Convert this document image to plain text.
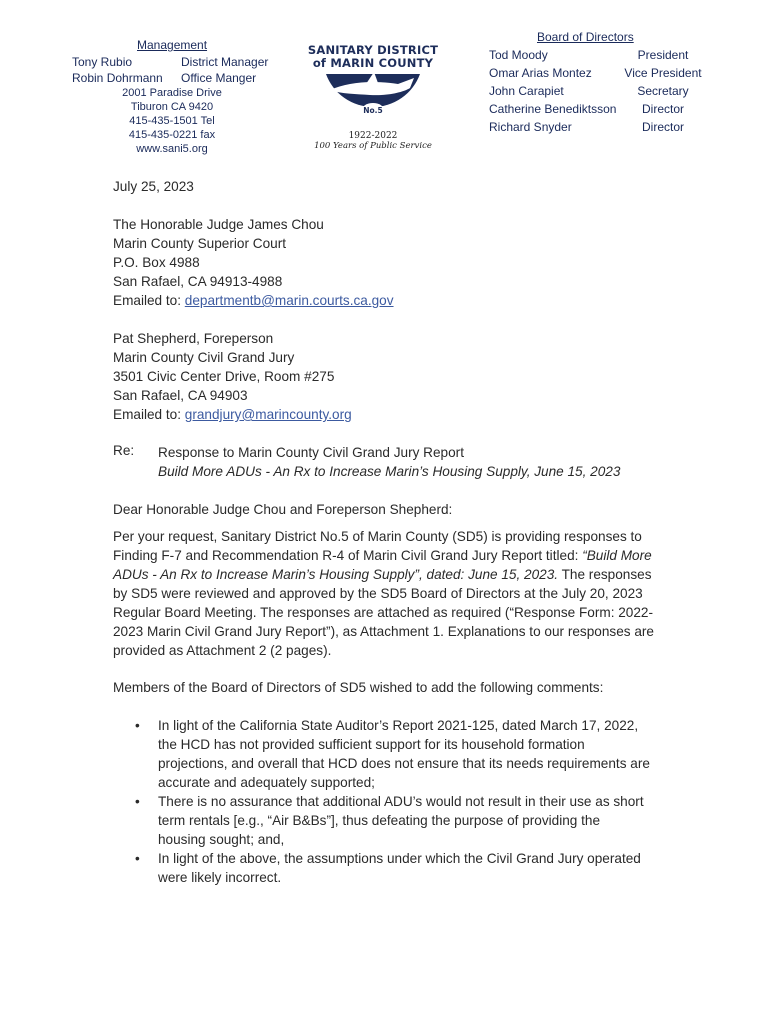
Management
Tony Rubio	District Manager
Robin Dohrmann Office Manger
2001 Paradise Drive
Tiburon CA 9420
415-435-1501 Tel
415-435-0221 fax
www.sani5.org
SANITARY DISTRICT
of MARIN COUNTY
No.5
1922-2022
100 Years of Public Service
Board of Directors
Tod Moody	President
Omar Arias Montez	Vice President
John Carapiet	Secretary
Catherine Benediktsson	Director
Richard Snyder	Director
July 25, 2023
The Honorable Judge James Chou
Marin County Superior Court
P.O. Box 4988
San Rafael, CA 94913-4988
Emailed to: departmentb@marin.courts.ca.gov
Pat Shepherd, Foreperson
Marin County Civil Grand Jury
3501 Civic Center Drive, Room #275
San Rafael, CA 94903
Emailed to: grandjury@marincounty.org
Re: Response to Marin County Civil Grand Jury Report
Build More ADUs - An Rx to Increase Marin’s Housing Supply, June 15, 2023
Dear Honorable Judge Chou and Foreperson Shepherd:
Per your request, Sanitary District No.5 of Marin County (SD5) is providing responses to
Finding F-7 and Recommendation R-4 of Marin Civil Grand Jury Report titled: “Build More
ADUs - An Rx to Increase Marin’s Housing Supply”, dated: June 15, 2023. The responses
by SD5 were reviewed and approved by the SD5 Board of Directors at the July 20, 2023
Regular Board Meeting. The responses are attached as required (“Response Form: 2022-
2023 Marin Civil Grand Jury Report”), as Attachment 1. Explanations to our responses are
provided as Attachment 2 (2 pages).
Members of the Board of Directors of SD5 wished to add the following comments:
• In light of the California State Auditor’s Report 2021-125, dated March 17, 2022,
the HCD has not provided sufficient support for its household formation
projections, and overall that HCD does not ensure that its needs requirements are
accurate and adequately supported;
• There is no assurance that additional ADU’s would not result in their use as short
term rentals [e.g., “Air B&Bs”], thus defeating the purpose of providing the
housing sought; and,
• In light of the above, the assumptions under which the Civil Grand Jury operated
were likely incorrect.
